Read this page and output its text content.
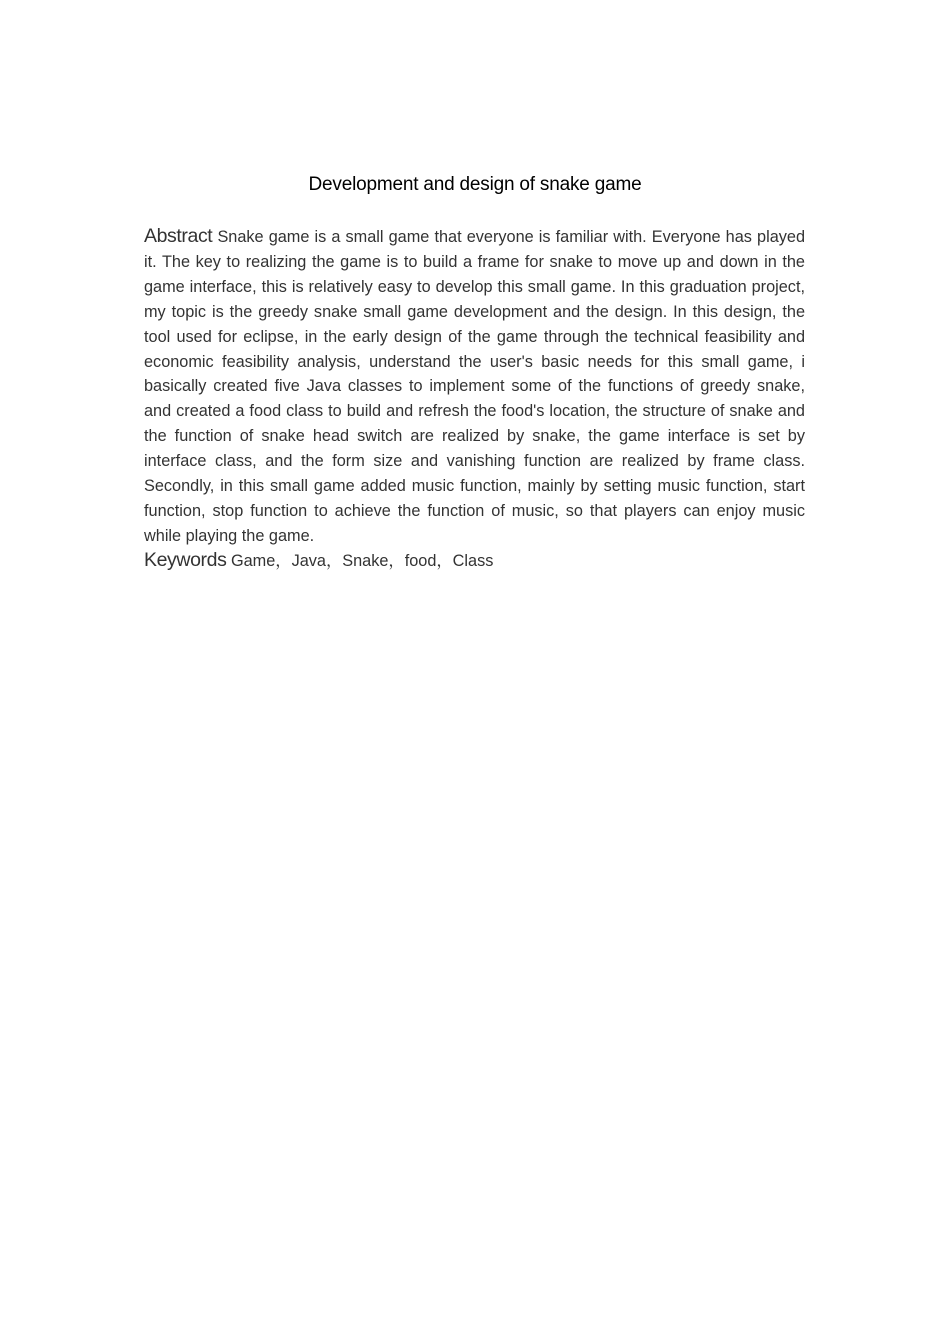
Development and design of snake game

Abstract Snake game is a small game that everyone is familiar with. Everyone has played it. The key to realizing the game is to build a frame for snake to move up and down in the game interface, this is relatively easy to develop this small game. In this graduation project, my topic is the greedy snake small game development and the design. In this design, the tool used for eclipse, in the early design of the game through the technical feasibility and economic feasibility analysis, understand the user's basic needs for this small game, i basically created five Java classes to implement some of the functions of greedy snake, and created a food class to build and refresh the food's location, the structure of snake and the function of snake head switch are realized by snake, the game interface is set by interface class, and the form size and vanishing function are realized by frame class. Secondly, in this small game added music function, mainly by setting music function, start function, stop function to achieve the function of music, so that players can enjoy music while playing the game.

Keywords Game，Java，Snake，food，Class
